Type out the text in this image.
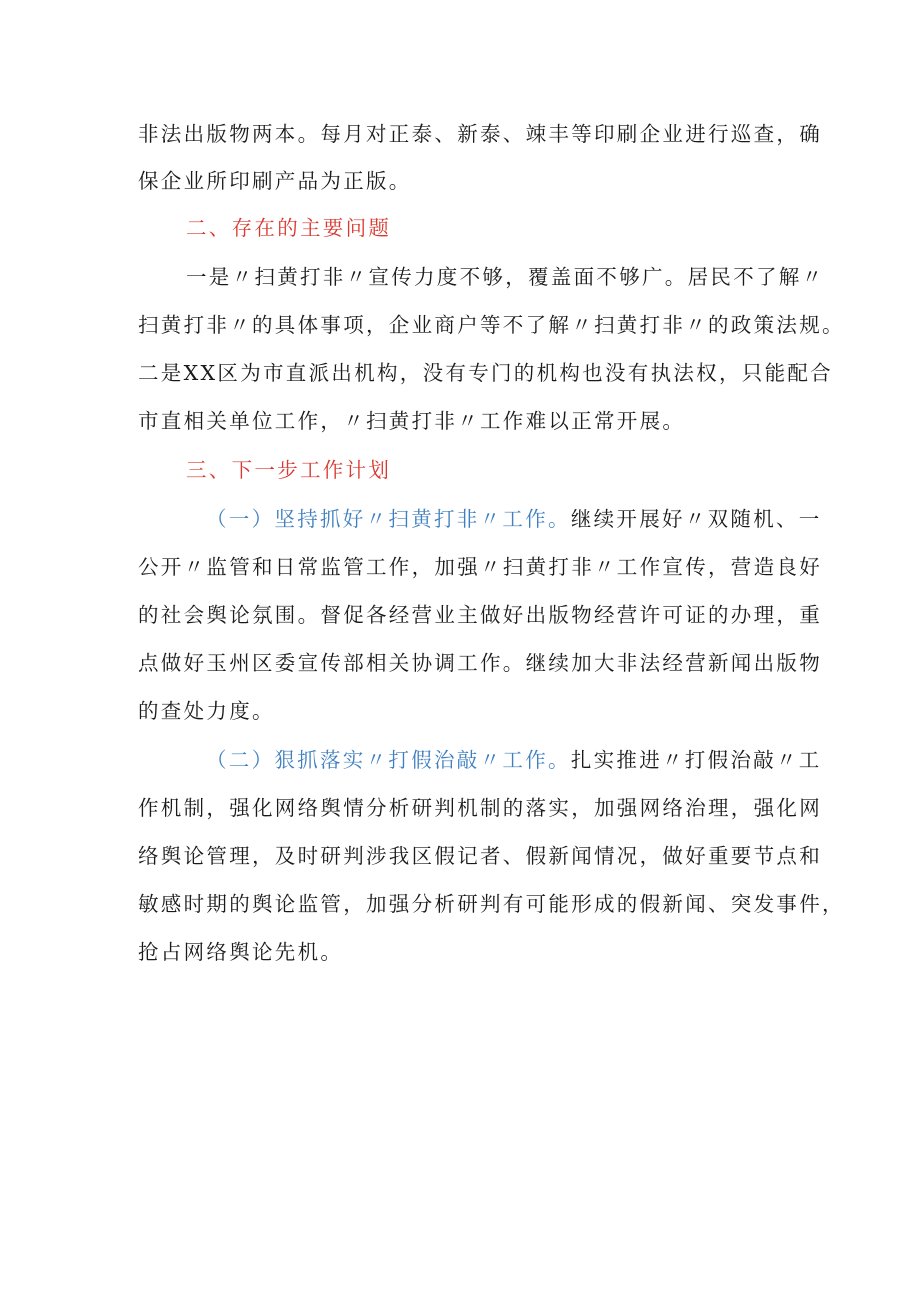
非法出版物两本。每月对正泰、新泰、竦丰等印刷企业进行巡查，确
保企业所印刷产品为正版。
二、存在的主要问题
一是〃扫黄打非〃宣传力度不够，覆盖面不够广。居民不了解〃
扫黄打非〃的具体事项，企业商户等不了解〃扫黄打非〃的政策法规。
二是XX区为市直派出机构，没有专门的机构也没有执法权，只能配合
市直相关单位工作，〃扫黄打非〃工作难以正常开展。
三、下一步工作计划
（一）坚持抓好〃扫黄打非〃工作。继续开展好〃双随机、一
公开〃监管和日常监管工作，加强〃扫黄打非〃工作宣传，营造良好
的社会舆论氛围。督促各经营业主做好出版物经营许可证的办理，重
点做好玉州区委宣传部相关协调工作。继续加大非法经营新闻出版物
的查处力度。
（二）狠抓落实〃打假治敲〃工作。扎实推进〃打假治敲〃工
作机制，强化网络舆情分析研判机制的落实，加强网络治理，强化网
络舆论管理，及时研判涉我区假记者、假新闻情况，做好重要节点和
敏感时期的舆论监管，加强分析研判有可能形成的假新闻、突发事件，
抢占网络舆论先机。
